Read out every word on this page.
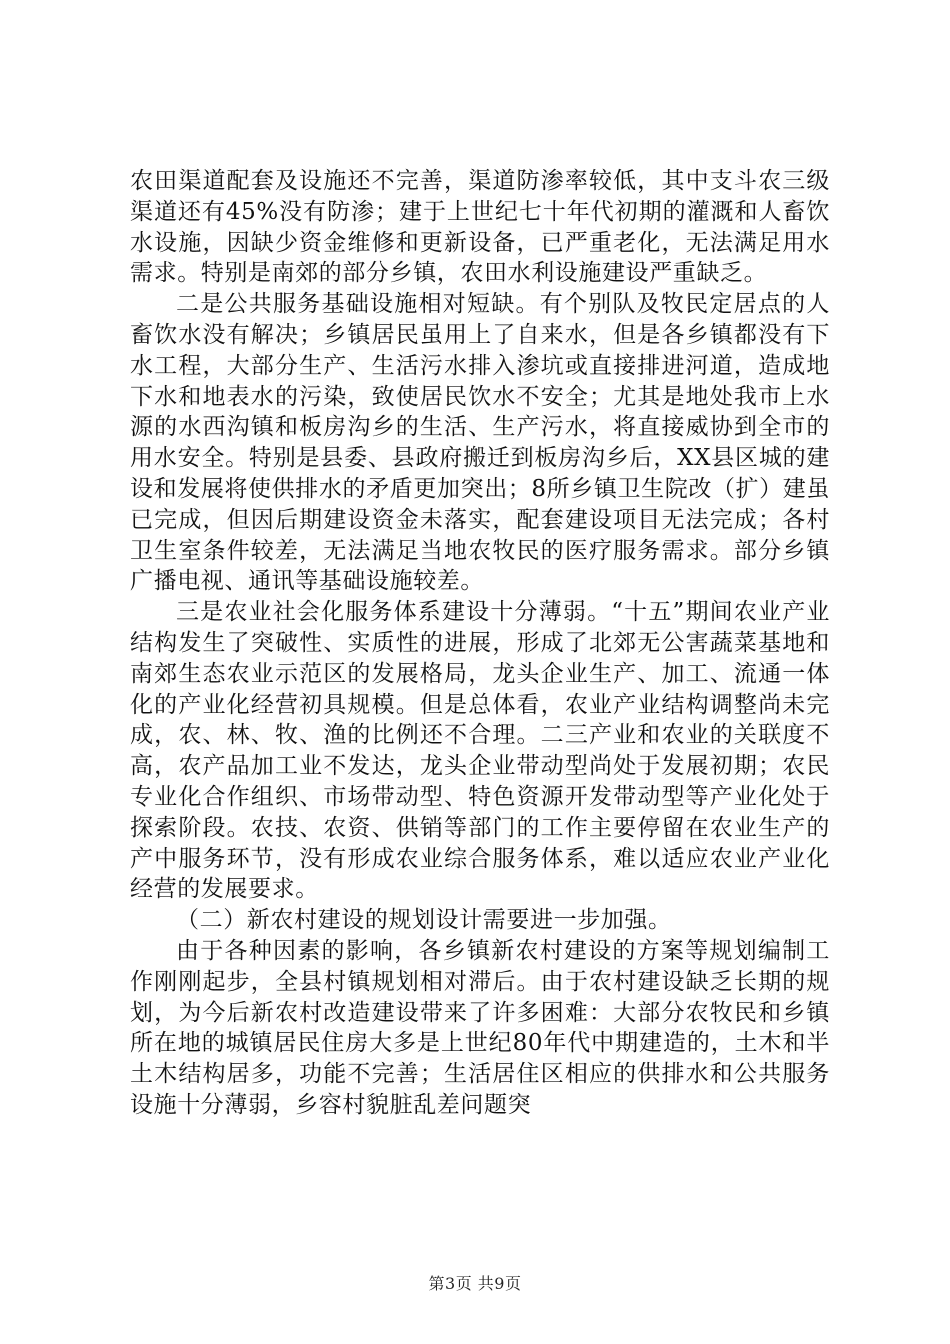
农田渠道配套及设施还不完善，渠道防渗率较低，其中支斗农三级渠道还有45%没有防渗；建于上世纪七十年代初期的灌溉和人畜饮水设施，因缺少资金维修和更新设备，已严重老化，无法满足用水需求。特别是南郊的部分乡镇，农田水利设施建设严重缺乏。

二是公共服务基础设施相对短缺。有个别队及牧民定居点的人畜饮水没有解决；乡镇居民虽用上了自来水，但是各乡镇都没有下水工程，大部分生产、生活污水排入渗坑或直接排进河道，造成地下水和地表水的污染，致使居民饮水不安全；尤其是地处我市上水源的水西沟镇和板房沟乡的生活、生产污水，将直接威协到全市的用水安全。特别是县委、县政府搬迁到板房沟乡后，XX县区城的建设和发展将使供排水的矛盾更加突出；8所乡镇卫生院改（扩）建虽已完成，但因后期建设资金未落实，配套建设项目无法完成；各村卫生室条件较差，无法满足当地农牧民的医疗服务需求。部分乡镇广播电视、通讯等基础设施较差。

三是农业社会化服务体系建设十分薄弱。“十五”期间农业产业结构发生了突破性、实质性的进展，形成了北郊无公害蔬菜基地和南郊生态农业示范区的发展格局，龙头企业生产、加工、流通一体化的产业化经营初具规模。但是总体看，农业产业结构调整尚未完成，农、林、牧、渔的比例还不合理。二三产业和农业的关联度不高，农产品加工业不发达，龙头企业带动型尚处于发展初期；农民专业化合作组织、市场带动型、特色资源开发带动型等产业化处于探索阶段。农技、农资、供销等部门的工作主要停留在农业生产的产中服务环节，没有形成农业综合服务体系，难以适应农业产业化经营的发展要求。

（二）新农村建设的规划设计需要进一步加强。

由于各种因素的影响，各乡镇新农村建设的方案等规划编制工作刚刚起步，全县村镇规划相对滞后。由于农村建设缺乏长期的规划，为今后新农村改造建设带来了许多困难：大部分农牧民和乡镇所在地的城镇居民住房大多是上世纪80年代中期建造的，土木和半土木结构居多，功能不完善；生活居住区相应的供排水和公共服务设施十分薄弱，乡容村貌脏乱差问题突

第3页 共9页
